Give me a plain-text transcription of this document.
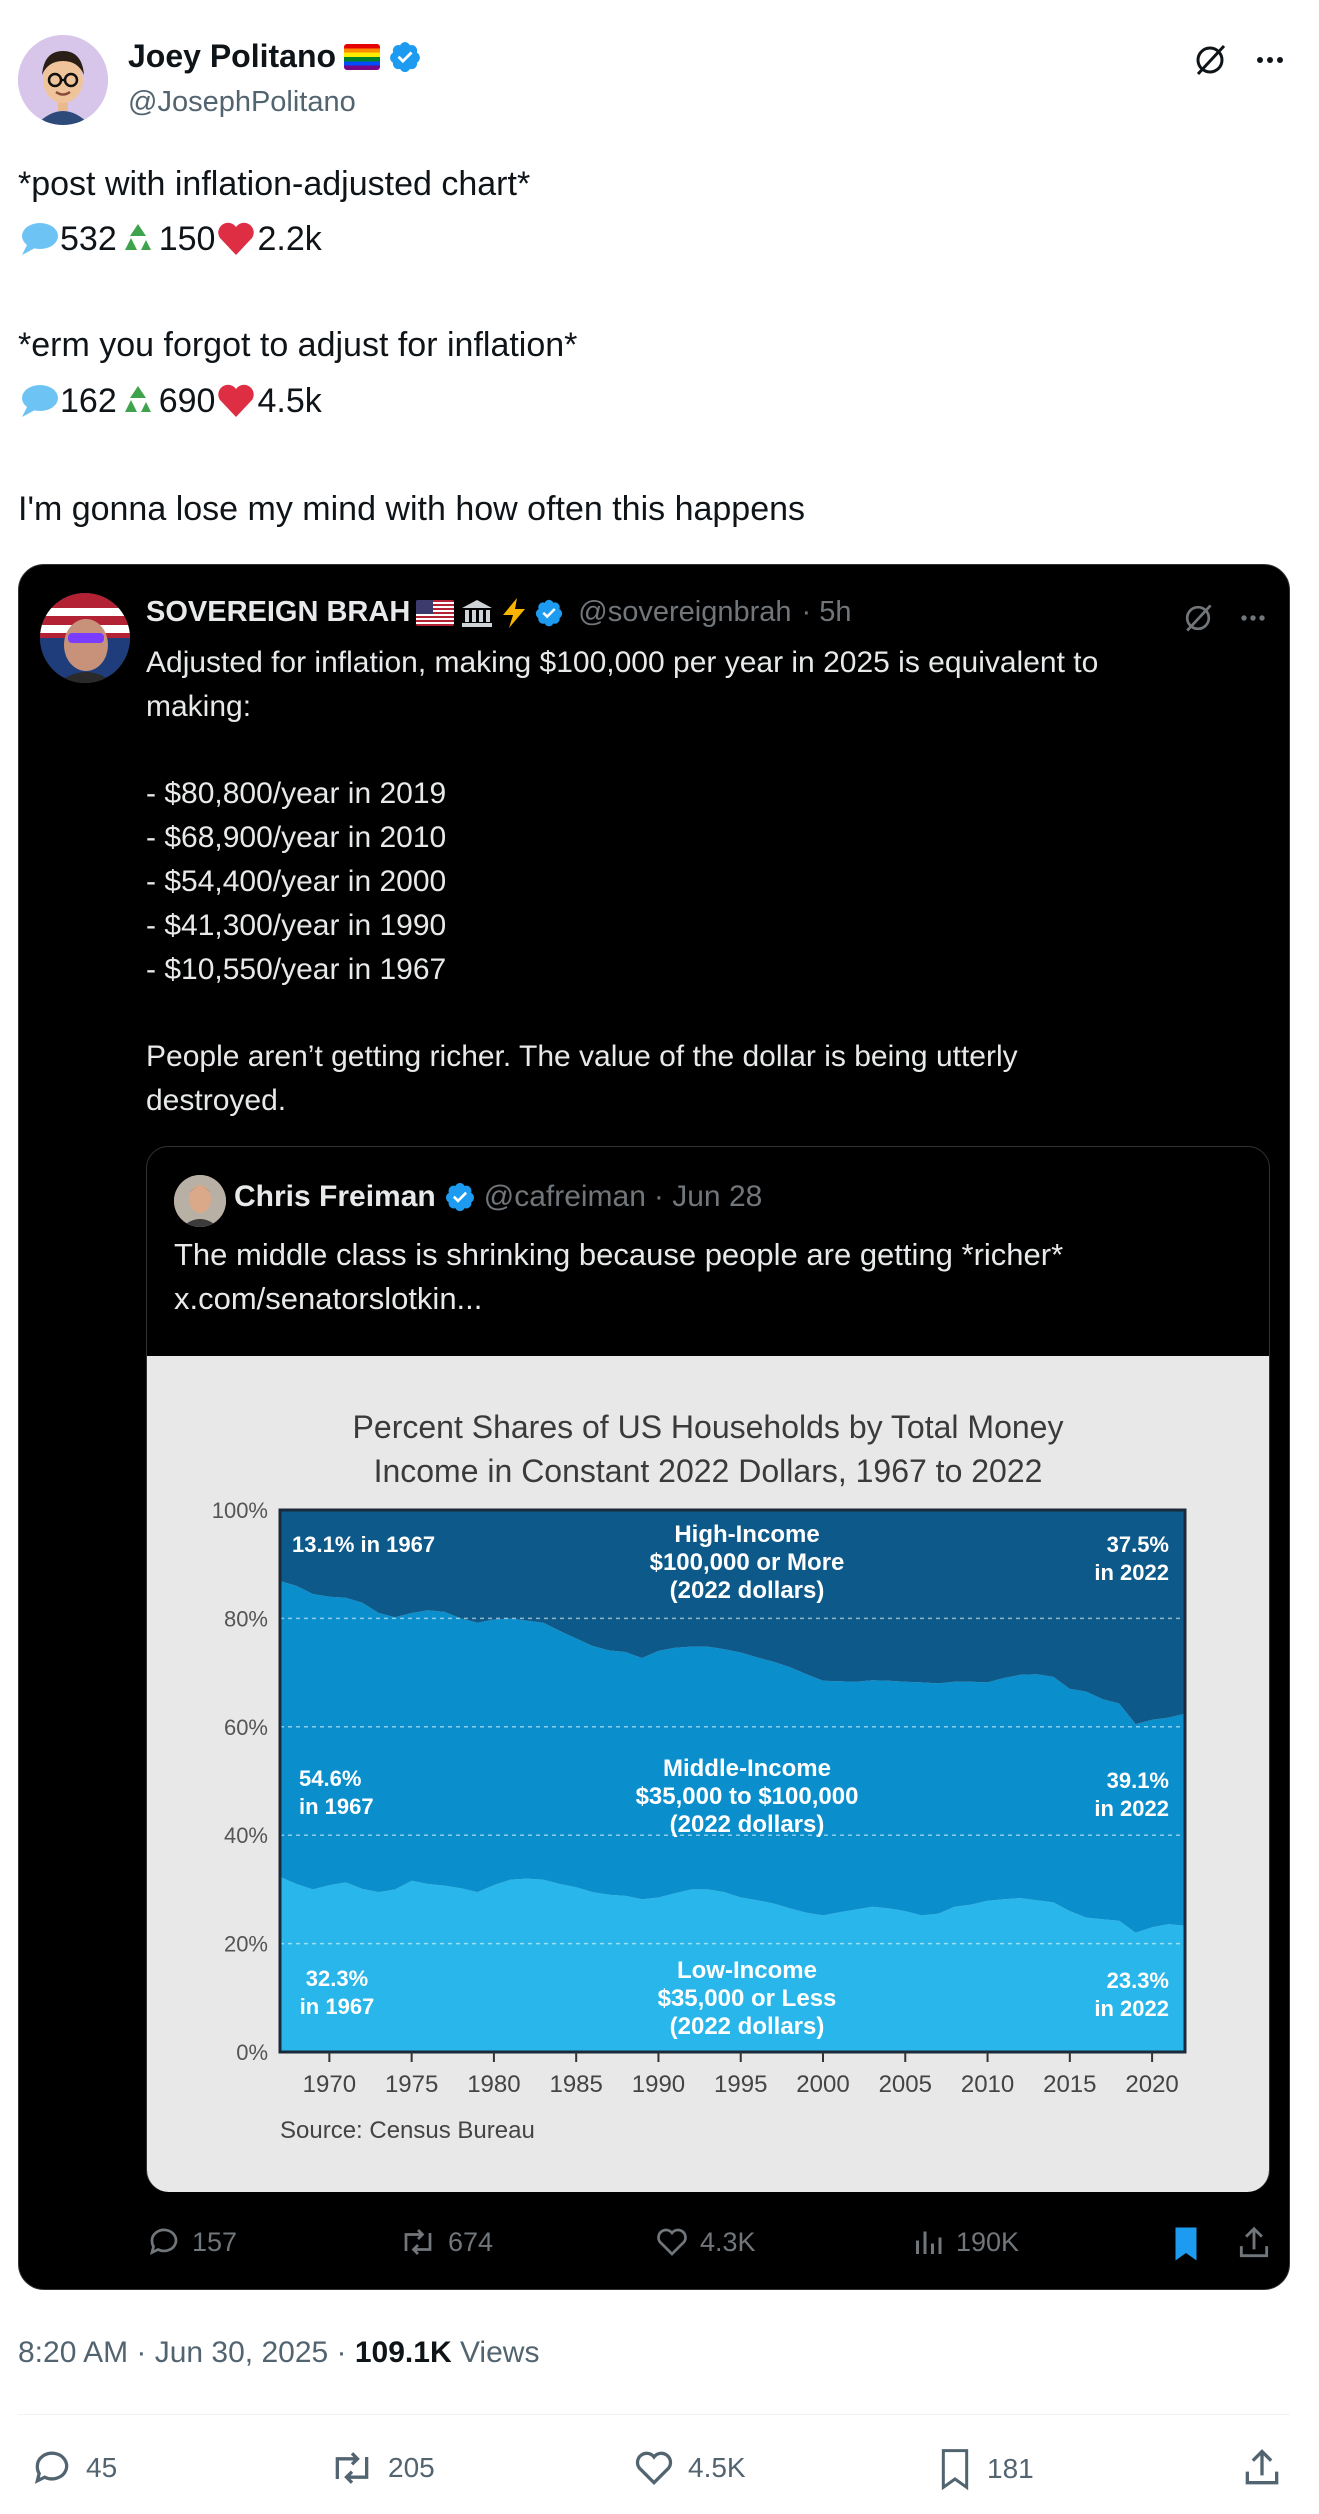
Joey Politano
@JosephPolitano
*post with inflation-adjusted chart*
532 150 2.2k
*erm you forgot to adjust for inflation*
162 690 4.5k
I'm gonna lose my mind with how often this happens
SOVEREIGN BRAH	@sovereignbrah · 5h
Adjusted for inflation, making $100,000 per year in 2025 is equivalent to
making:
- $80,800/year in 2019
- $68,900/year in 2010
- $54,400/year in 2000
- $41,300/year in 1990
- $10,550/year in 1967
People aren’t getting richer. The value of the dollar is being utterly
destroyed.
Chris Freiman @cafreiman · Jun 28
The middle class is shrinking because people are getting *richer*
x.com/senatorslotkin...
Percent Shares of US Households by Total Money
Income in Constant 2022 Dollars, 1967 to 2022
0%
20%
40%
60%
80%
100%
1970 1975 1980 1985 1990 1995 2000 2005 2010 2015 2020
Source: Census Bureau
High-Income
$100,000 or More
(2022 dollars)
13.1% in 1967	37.5%
in 2022
Middle-Income
$35,000 to $100,000
(2022 dollars)
54.6%
in 1967
39.1%
in 2022
Low-Income
$35,000 or Less
(2022 dollars)
32.3%
in 1967
23.3%
in 2022
157	674	4.3K	190K
8:20 AM · Jun 30, 2025 · 109.1K Views
45	205	4.5K	181
